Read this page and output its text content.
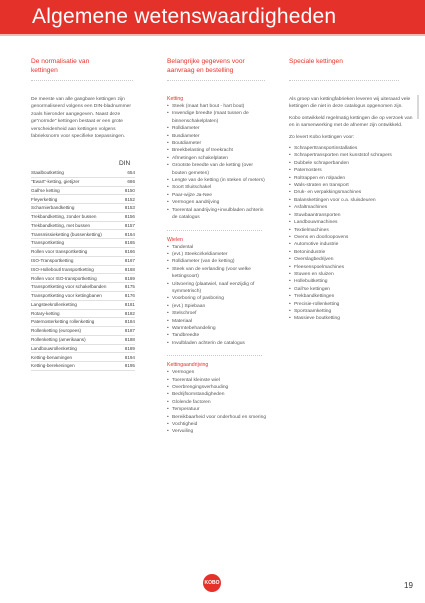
Algemene wetenswaardigheden
De normalisatie van
kettingen
De meeste van alle gangbare kettingen zijn genormaliseerd volgens een DIN-bladnummer zoals hieronder aangegeven. Naast deze ge"normde" kettingen bestaat er een grote verscheidenheid aan kettingen volgens fabrieksnorm voor specifieke toepassingen.
DIN
Staalboutketting	654
"Ewart"-ketting, gietijzer	686
Gall'se ketting	8150
Fleyerketting	8152
Scharnierbandketting	8153
Trekbandketting, zonder bussen	8156
Trekbandketting, met bussen	8157
Transmissieketting (bussenketting)	8164
Transportketting	8165
Rollen voor transportketting	8166
ISO-Transportketting	8167
ISO-Holleboutl transportketting	8168
Rollen voor ISO-transportketting	8169
Transportketting voor schakelbanden	8175
Transportketting voor kettingbanen	8176
Langsteekrollenketting	8181
Rotary-ketting	8182
Paternosterketting rollenketting	8184
Rollenketting (europees)	8187
Rollenketting (amerikaans)	8188
Landbouwrollenketting	8189
Ketting-benamingen	8194
Ketting-berekeningen	8195
Belangrijke gegevens voor
aanvraag en bestelling
Ketting
• Steek (maat hart bout - hart bout)
• Inwendige breedte (maat tussen de binnenschakelplaten)
• Rolldiameter
• Busdiameter
• Boutdiameter
• Breekbelasting of treekracht
• Afmetingen schakelplaten
• Grootste breedte van de ketting (over bouten gemeten)
• Lengte van de ketting (in steken of meters)
• Soort Sluitschakel
• Paar-wijze Ja-Nee
• Vermogen aandrijving
• Toerental aandrijving+invulbladen achterin de catalogus
Wielen
• Tandental
• (evt.) Steekcirkeldiameter
• Rolldiameter (van de ketting)
• Steek van de verlanding (voor welke kettingsoort)
• Uitvoering (plaatwiel, naaf eenzijdig of symmetrisch)
• Voorboring of pasboring
• (evt.) Spiebaan
• Stelschroef
• Materiaal
• Warmtebehandeling
• Tandbreedte
• Invulbladen achterin de catalogus
Kettingaandrijving
• Vermogen
• Toerental kleinste wiel
• Overbrengingsverhouding
• Bedrijfsomstandigheden
• Glolende factoren
• Temperatuur
• Bereikbaarheid voor onderhoud en smering
• Vochtigheid
• Vervuiling
Speciale kettingen
Als groep van kettingfabrieken leveren wij uiteraard vele kettingen die niet in deze catalogus opgenomen zijn.
Kobo ontwikkeld regelmatig kettingen die op verzoek van en in samenwerking met de afnemer zijn ontwikkeld.
Zo levert Kobo kettingen voor:
• Schraperttransportinstallaties
• Schrapertransporten met kunststof schrapers
• Dubbele schraperbanden
• Paternosters
• Roltrappen en rolpaden
• Wals-straten en transport
• Druk- en verpakkingsmachines
• Balanskettingen voor o.a. sluisdeuren
• Asfaltmachines
• Stuwbaantransporten
• Landbouwmachines
• Textielmachines
• Ovens en doorloopovens
• Automotive industrie
• Betonindustrie
• Overslagbedrijven
• Fleesenspoelmachines
• Stuwen en sluizen
• Hollebuitketting
• Gall'se kettingen
• Trekbandkettingen
• Precisie-rollenketting
• Sportraamketting
• Massieve boutketting
KOBO	19
